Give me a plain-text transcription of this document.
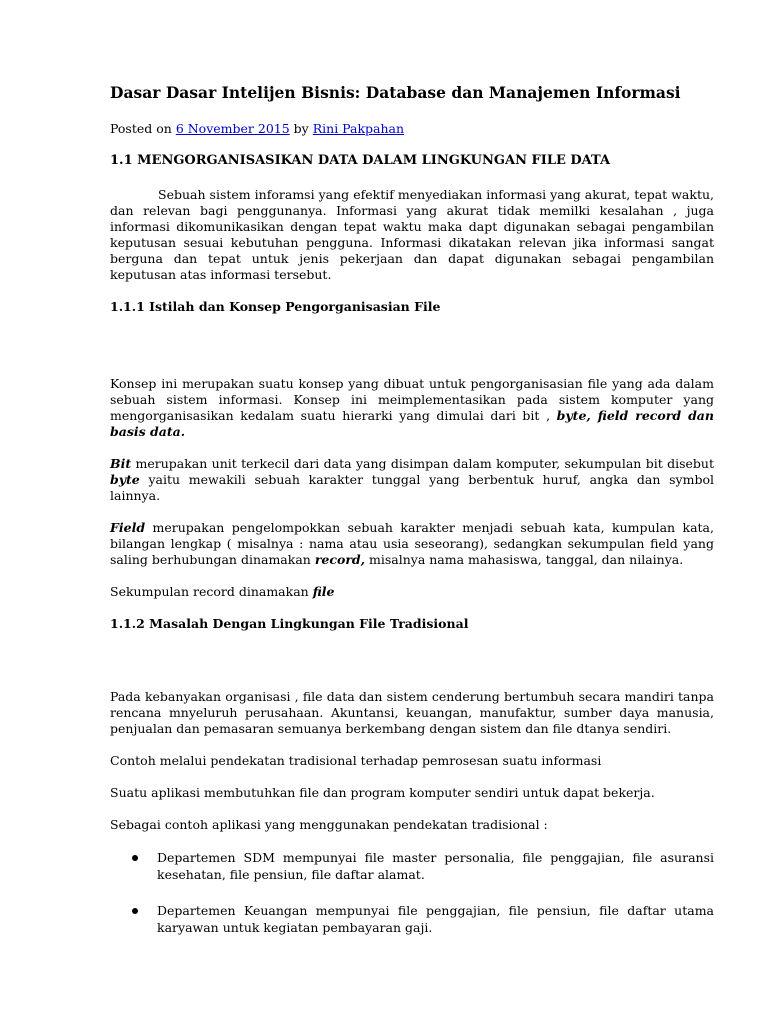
Dasar Dasar Intelijen Bisnis: Database dan Manajemen Informasi
Posted on 6 November 2015 by Rini Pakpahan
1.1 MENGORGANISASIKAN DATA DALAM LINGKUNGAN FILE DATA

Sebuah sistem inforamsi yang efektif menyediakan informasi yang akurat, tepat waktu, dan relevan bagi penggunanya. Informasi yang akurat tidak memilki kesalahan , juga informasi dikomunikasikan dengan tepat waktu maka dapt digunakan sebagai pengambilan keputusan sesuai kebutuhan pengguna. Informasi dikatakan relevan jika informasi sangat berguna dan tepat untuk jenis pekerjaan dan dapat digunakan sebagai pengambilan keputusan atas informasi tersebut.

1.1.1 Istilah dan Konsep Pengorganisasian File

Konsep ini merupakan suatu konsep yang dibuat untuk pengorganisasian file yang ada dalam sebuah sistem informasi. Konsep ini meimplementasikan pada sistem komputer yang mengorganisasikan kedalam suatu hierarki yang dimulai dari bit , byte, field record dan basis data.

Bit merupakan unit terkecil dari data yang disimpan dalam komputer, sekumpulan bit disebut byte yaitu mewakili sebuah karakter tunggal yang berbentuk huruf, angka dan symbol lainnya.

Field merupakan pengelompokkan sebuah karakter menjadi sebuah kata, kumpulan kata, bilangan lengkap ( misalnya : nama atau usia seseorang), sedangkan sekumpulan field yang saling berhubungan dinamakan record, misalnya nama mahasiswa, tanggal, dan nilainya.

Sekumpulan record dinamakan file

1.1.2 Masalah Dengan Lingkungan File Tradisional

Pada kebanyakan organisasi , file data dan sistem cenderung bertumbuh secara mandiri tanpa rencana mnyeluruh perusahaan. Akuntansi, keuangan, manufaktur, sumber daya manusia, penjualan dan pemasaran semuanya berkembang dengan sistem dan file dtanya sendiri.

Contoh melalui pendekatan tradisional terhadap pemrosesan suatu informasi

Suatu aplikasi membutuhkan file dan program komputer sendiri untuk dapat bekerja.

Sebagai contoh aplikasi yang menggunakan pendekatan tradisional :

Departemen SDM mempunyai file master personalia, file penggajian, file asuransi kesehatan, file pensiun, file daftar alamat.
Departemen Keuangan mempunyai file penggajian, file pensiun, file daftar utama karyawan untuk kegiatan pembayaran gaji.
